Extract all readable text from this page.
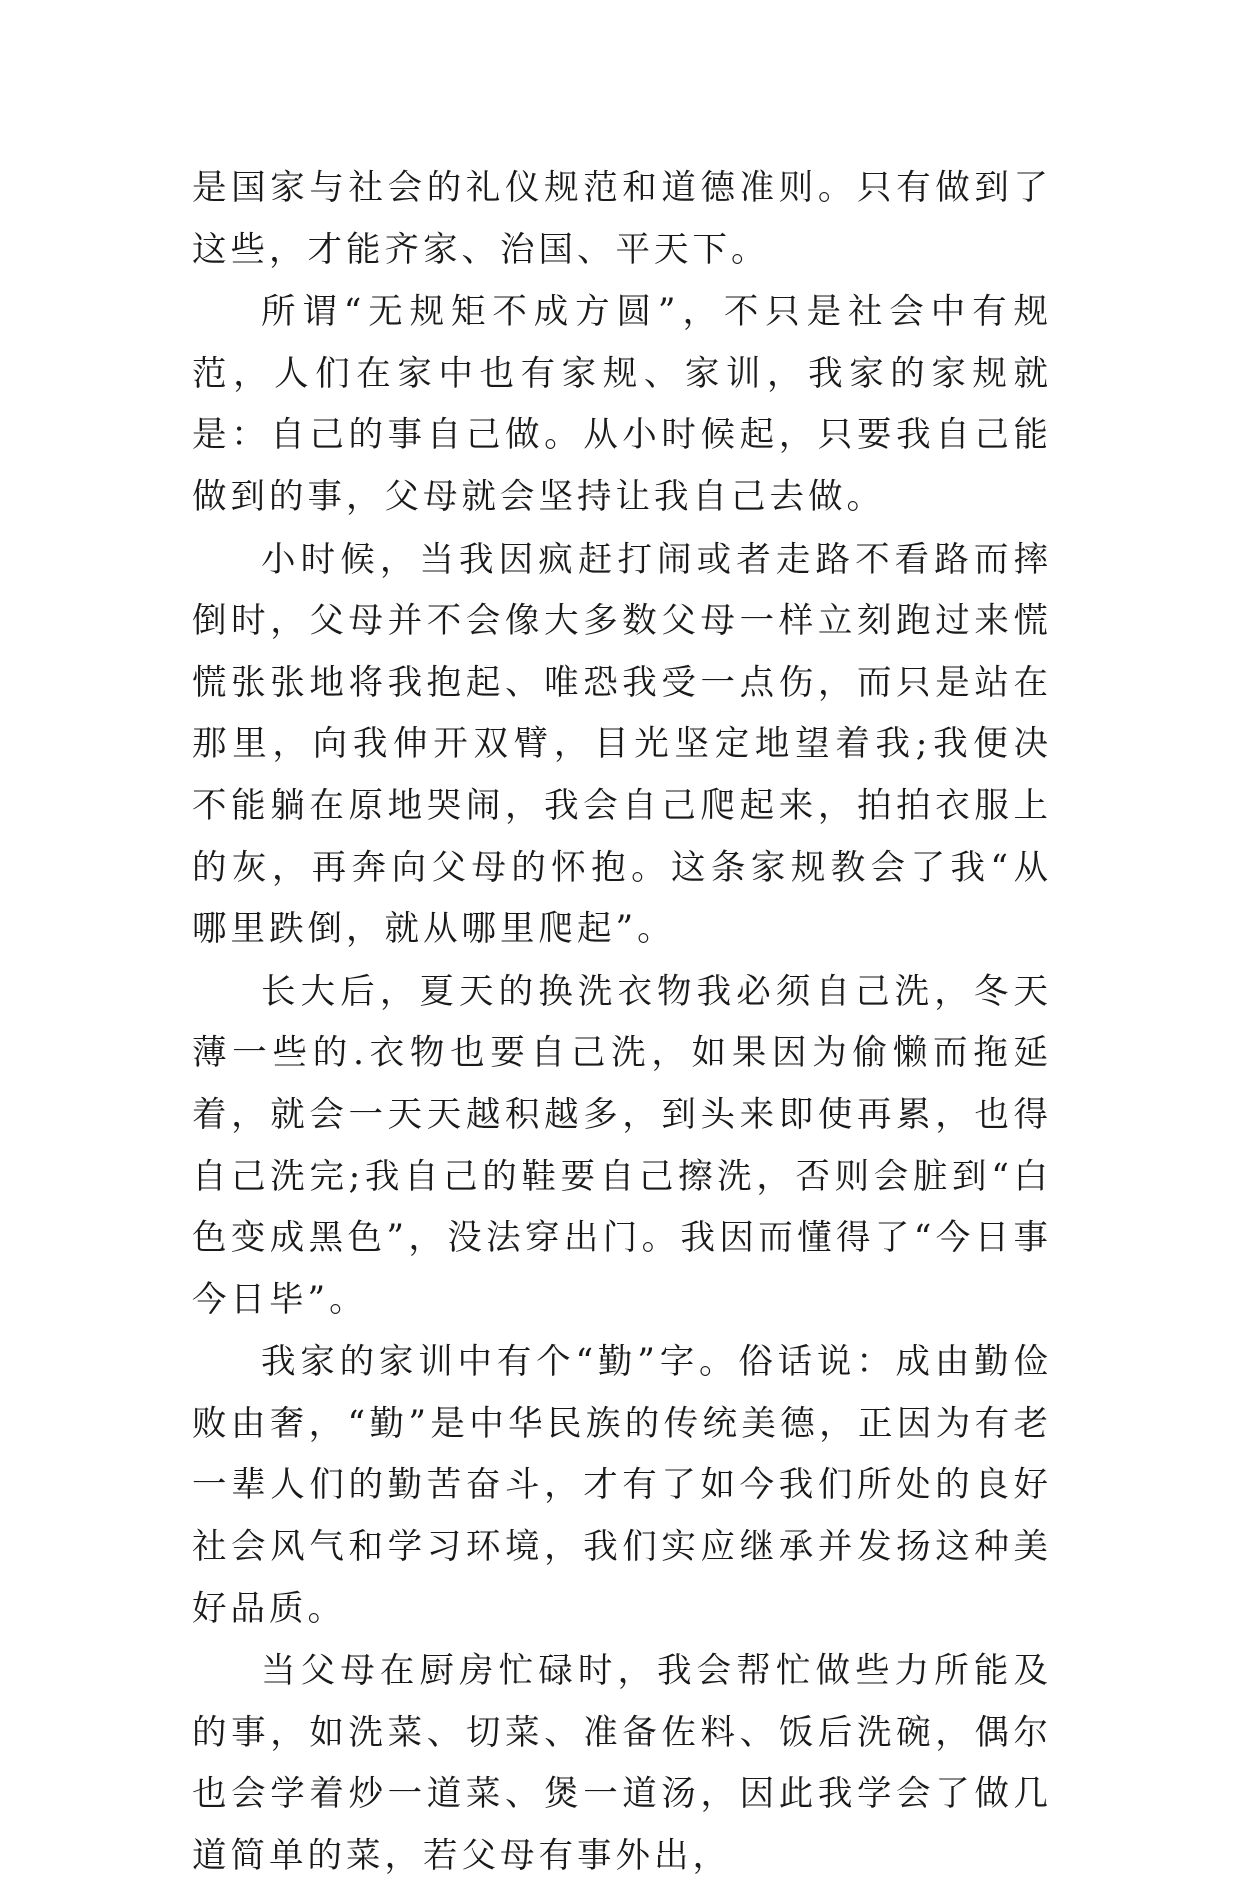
是国家与社会的礼仪规范和道德准则。只有做到了这些，才能齐家、治国、平天下。

所谓“无规矩不成方圆”，不只是社会中有规范，人们在家中也有家规、家训，我家的家规就是：自己的事自己做。从小时候起，只要我自己能做到的事，父母就会坚持让我自己去做。

小时候，当我因疯赶打闹或者走路不看路而摔倒时，父母并不会像大多数父母一样立刻跑过来慌慌张张地将我抱起、唯恐我受一点伤，而只是站在那里，向我伸开双臂，目光坚定地望着我;我便决不能躺在原地哭闹，我会自己爬起来，拍拍衣服上的灰，再奔向父母的怀抱。这条家规教会了我“从哪里跌倒，就从哪里爬起”。

长大后，夏天的换洗衣物我必须自己洗，冬天薄一些的.衣物也要自己洗，如果因为偷懒而拖延着，就会一天天越积越多，到头来即使再累，也得自己洗完;我自己的鞋要自己擦洗，否则会脏到“白色变成黑色”，没法穿出门。我因而懂得了“今日事今日毕”。

我家的家训中有个“勤”字。俗话说：成由勤俭败由奢，“勤”是中华民族的传统美德，正因为有老一辈人们的勤苦奋斗，才有了如今我们所处的良好社会风气和学习环境，我们实应继承并发扬这种美好品质。

当父母在厨房忙碌时，我会帮忙做些力所能及的事，如洗菜、切菜、准备佐料、饭后洗碗，偶尔也会学着炒一道菜、煲一道汤，因此我学会了做几道简单的菜，若父母有事外出，
